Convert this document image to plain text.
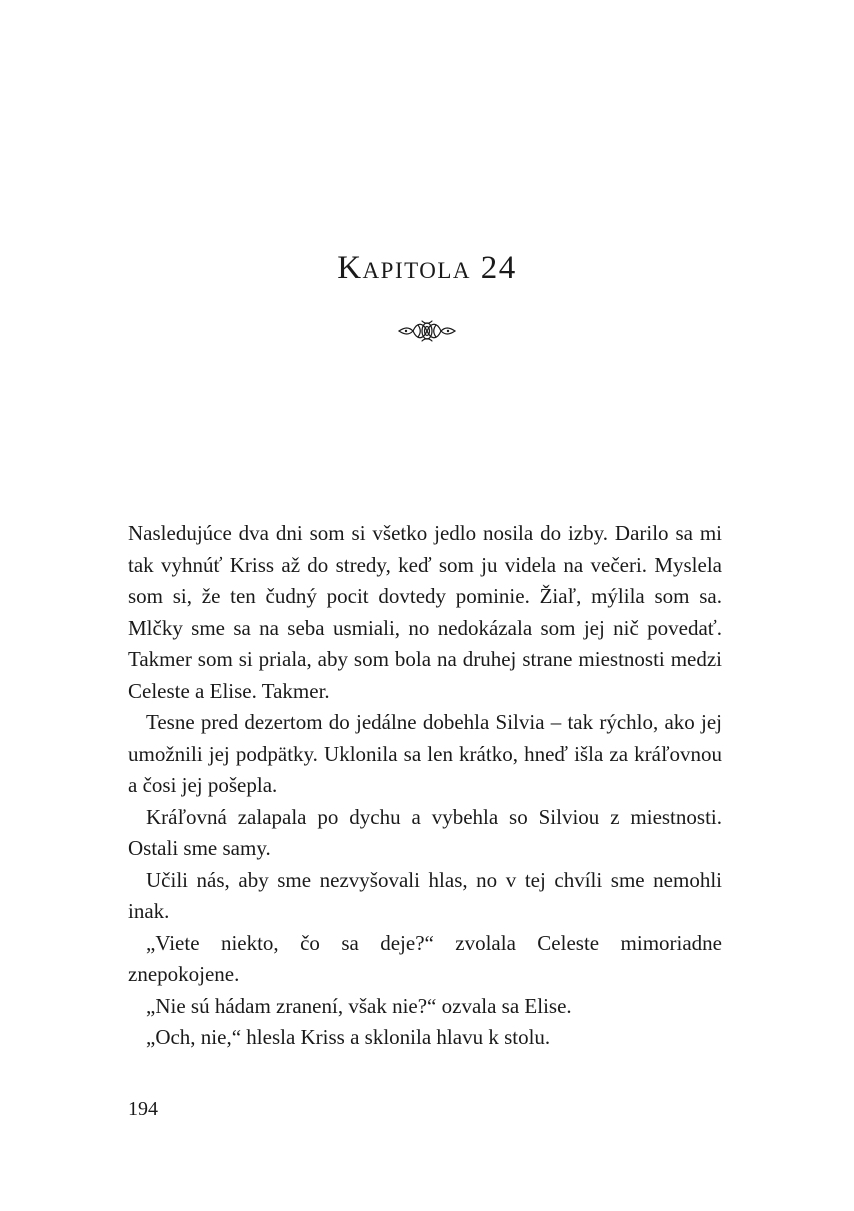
Kapitola 24

Nasledujúce dva dni som si všetko jedlo nosila do izby. Darilo sa mi tak vyhnúť Kriss až do stredy, keď som ju videla na večeri. Myslela som si, že ten čudný pocit dovtedy pominie. Žiaľ, mýlila som sa. Mlčky sme sa na seba usmiali, no nedokázala som jej nič povedať. Takmer som si priala, aby som bola na druhej strane miestnosti medzi Celeste a Elise. Takmer.

Tesne pred dezertom do jedálne dobehla Silvia – tak rýchlo, ako jej umožnili jej podpätky. Uklonila sa len krátko, hneď išla za kráľovnou a čosi jej pošepla.

Kráľovná zalapala po dychu a vybehla so Silviou z miestnosti. Ostali sme samy.

Učili nás, aby sme nezvyšovali hlas, no v tej chvíli sme nemohli inak.

„Viete niekto, čo sa deje?“ zvolala Celeste mimoriadne znepokojene.

„Nie sú hádam zranení, však nie?“ ozvala sa Elise.

„Och, nie,“ hlesla Kriss a sklonila hlavu k stolu.

194
